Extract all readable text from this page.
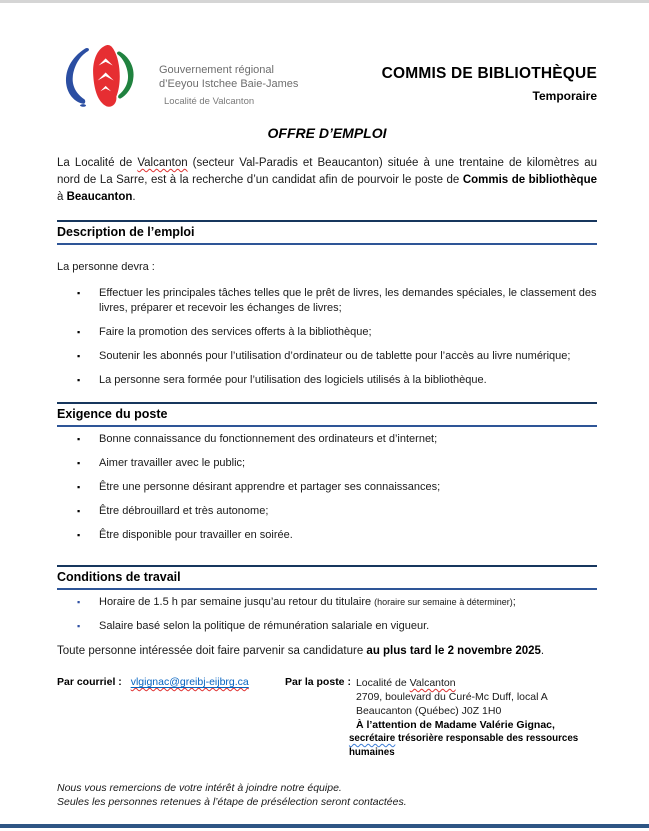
Gouvernement régional
d’Eeyou Istchee Baie-James
Localité de Valcanton
COMMIS DE BIBLIOTHÈQUE
Temporaire
OFFRE D’EMPLOI

La Localité de Valcanton (secteur Val-Paradis et Beaucanton) située à une trentaine de kilomètres au nord de La Sarre, est à la recherche d’un candidat afin de pourvoir le poste de Commis de bibliothèque à Beaucanton.

Description de l’emploi
La personne devra :
▪	Effectuer les principales tâches telles que le prêt de livres, les demandes spéciales, le classement des livres, préparer et recevoir les échanges de livres;
▪	Faire la promotion des services offerts à la bibliothèque;
▪	Soutenir les abonnés pour l’utilisation d’ordinateur ou de tablette pour l’accès au livre numérique;
▪	La personne sera formée pour l’utilisation des logiciels utilisés à la bibliothèque.
Exigence du poste
▪	Bonne connaissance du fonctionnement des ordinateurs et d’internet;
▪	Aimer travailler avec le public;
▪	Être une personne désirant apprendre et partager ses connaissances;
▪	Être débrouillard et très autonome;
▪	Être disponible pour travailler en soirée.
Conditions de travail
▪	Horaire de 1.5 h par semaine jusqu’au retour du titulaire (horaire sur semaine à déterminer);
▪	Salaire basé selon la politique de rémunération salariale en vigueur.

Toute personne intéressée doit faire parvenir sa candidature au plus tard le 2 novembre 2025.

Par courriel : vlgignac@greibj-eijbrg.ca	Par la poste : Localité de Valcanton
2709, boulevard du Curé-Mc Duff, local A
Beaucanton (Québec) J0Z 1H0
À l’attention de Madame Valérie Gignac,
secrétaire trésorière responsable des ressources humaines
Nous vous remercions de votre intérêt à joindre notre équipe.
Seules les personnes retenues à l’étape de présélection seront contactées.
